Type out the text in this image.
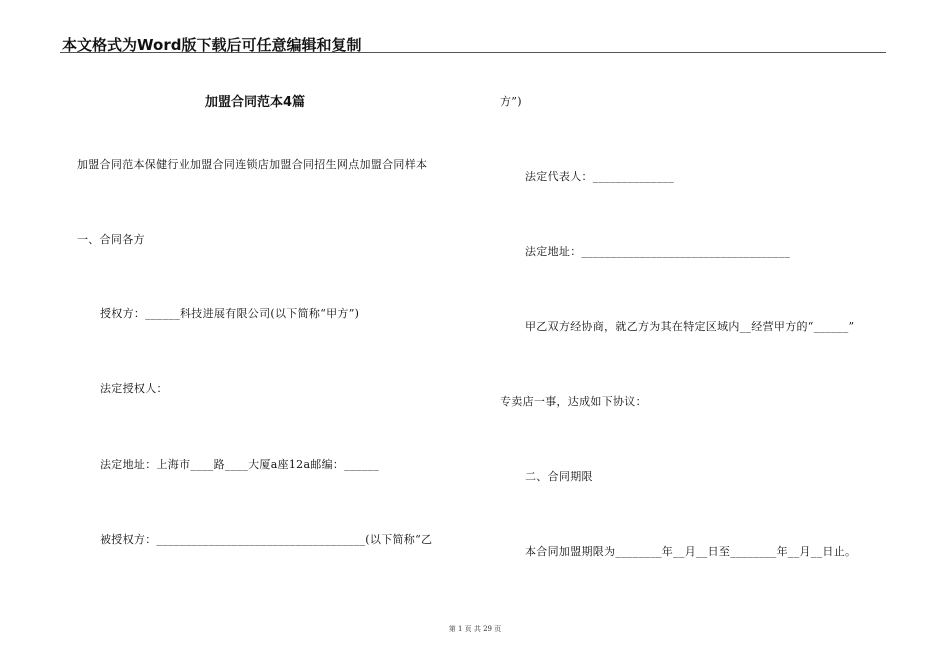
本文格式为Word版下载后可任意编辑和复制
加盟合同范本4篇
加盟合同范本保健行业加盟合同连锁店加盟合同招生网点加盟合同样本
一、合同各方
授权方：______科技进展有限公司(以下简称“甲方”)
法定授权人：
法定地址：上海市____路____大厦a座12a邮编：______
被授权方：____________________________________(以下简称“乙
方”)
法定代表人：______________
法定地址：____________________________________
甲乙双方经协商，就乙方为其在特定区域内__经营甲方的“______”
专卖店一事，达成如下协议：
二、合同期限
本合同加盟期限为________年__月__日至________年__月__日止。
第 1 页 共 29 页
